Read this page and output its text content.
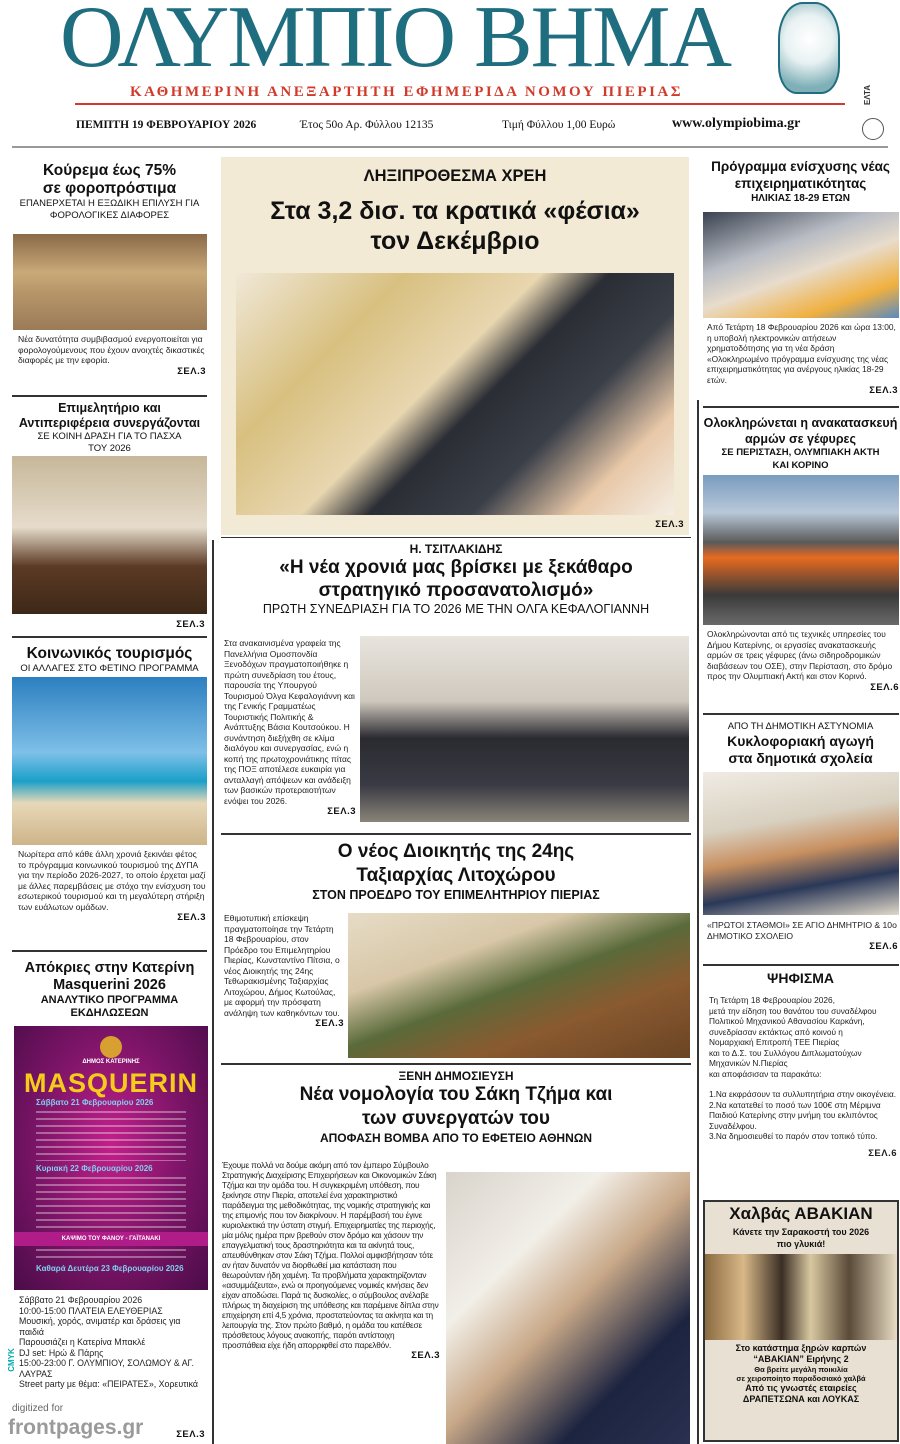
ΟΛΥΜΠΙΟ ΒΗΜΑ
ΚΑΘΗΜΕΡΙΝΗ ΑΝΕΞΑΡΤΗΤΗ ΕΦΗΜΕΡΙΔΑ ΝΟΜΟΥ ΠΙΕΡΙΑΣ	ΕΛΤΑ
ΠΕΜΠΤΗ 19 ΦΕΒΡΟΥΑΡΙΟΥ 2026	Έτος 50ο Αρ. Φύλλου 12135	Τιμή Φύλλου 1,00 Ευρώ	www.olympiobima.gr
Κούρεμα έως 75% σε φοροπρόστιμα
ΕΠΑΝΕΡΧΕΤΑΙ Η ΕΞΩΔΙΚΗ ΕΠΙΛΥΣΗ ΓΙΑ ΦΟΡΟΛΟΓΙΚΕΣ ΔΙΑΦΟΡΕΣ
Νέα δυνατότητα συμβιβασμού ενεργοποιείται για φορολογούμενους που έχουν ανοιχτές δικαστικές διαφορές με την εφορία.
ΣΕΛ.3
Επιμελητήριο και Αντιπεριφέρεια συνεργάζονται
ΣΕ ΚΟΙΝΗ ΔΡΑΣΗ ΓΙΑ ΤΟ ΠΑΣΧΑ ΤΟΥ 2026
ΣΕΛ.3
Κοινωνικός τουρισμός
ΟΙ ΑΛΛΑΓΕΣ ΣΤΟ ΦΕΤΙΝΟ ΠΡΟΓΡΑΜΜΑ
Νωρίτερα από κάθε άλλη χρονιά ξεκινάει φέτος το πρόγραμμα κοινωνικού τουρισμού της ΔΥΠΑ για την περίοδο 2026-2027, το οποίο έρχεται μαζί με άλλες παρεμβάσεις με στόχο την ενίσχυση του εσωτερικού τουρισμού και τη μεγαλύτερη στήριξη των ευάλωτων ομάδων.
ΣΕΛ.3
Απόκριες στην Κατερίνη Masquerini 2026
ΑΝΑΛΥΤΙΚΟ ΠΡΟΓΡΑΜΜΑ ΕΚΔΗΛΩΣΕΩΝ
ΔΗΜΟΣ ΚΑΤΕΡΙΝΗΣ
MASQUERIN
Σάββατο 21 Φεβρουαρίου 2026
Κυριακή 22 Φεβρουαρίου 2026
ΚΑΨΙΜΟ ΤΟΥ ΦΑΝΟΥ - ΓΑΪΤΑΝΑΚΙ
Καθαρά Δευτέρα 23 Φεβρουαρίου 2026
Σάββατο 21 Φεβρουαρίου 2026
10:00-15:00 ΠΛΑΤΕΙΑ ΕΛΕΥΘΕΡΙΑΣ
Μουσική, χορός, ανιματέρ και δράσεις για παιδιά
Παρουσιάζει η Κατερίνα Μπακλέ
DJ set: Ηρώ & Πάρης
15:00-23:00 Γ. ΟΛΥΜΠΙΟΥ, ΣΟΛΩΜΟΥ & ΑΓ. ΛΑΥΡΑΣ
Street party με θέμα: «ΠΕΙΡΑΤΕΣ», Χορευτικά
ΣΕΛ.3
CMYK
digitized for
frontpages.gr
ΛΗΞΙΠΡΟΘΕΣΜΑ ΧΡΕΗ
Στα 3,2 δισ. τα κρατικά «φέσια» τον Δεκέμβριο
ΣΕΛ.3
Η. ΤΣΙΤΛΑΚΙΔΗΣ
«Η νέα χρονιά μας βρίσκει με ξεκάθαρο στρατηγικό προσανατολισμό»
ΠΡΩΤΗ ΣΥΝΕΔΡΙΑΣΗ ΓΙΑ ΤΟ 2026 ΜΕ ΤΗΝ ΟΛΓΑ ΚΕΦΑΛΟΓΙΑΝΝΗ
Στα ανακαινισμένα γραφεία της Πανελλήνια Ομοσπονδία Ξενοδόχων πραγματοποιήθηκε η πρώτη συνεδρίαση του έτους, παρουσία της Υπουργού Τουρισμού Όλγα Κεφαλογιάννη και της Γενικής Γραμματέως Τουριστικής Πολιτικής & Ανάπτυξης Βάσια Κουτσούκου. Η συνάντηση διεξήχθη σε κλίμα διαλόγου και συνεργασίας, ενώ η κοπή της πρωτοχρονιάτικης πίτας της ΠΟΞ αποτέλεσε ευκαιρία για ανταλλαγή απόψεων και ανάδειξη των βασικών προτεραιοτήτων ενόψει του 2026.
ΣΕΛ.3
Ο νέος Διοικητής της 24ης Ταξιαρχίας Λιτοχώρου
ΣΤΟΝ ΠΡΟΕΔΡΟ ΤΟΥ ΕΠΙΜΕΛΗΤΗΡΙΟΥ ΠΙΕΡΙΑΣ
Εθιμοτυπική επίσκεψη πραγματοποίησε την Τετάρτη 18 Φεβρουαρίου, στον Πρόεδρο του Επιμελητηρίου Πιερίας, Κωνσταντίνο Πίτσια, ο νέος Διοικητής της 24ης Τεθωρακισμένης Ταξιαρχίας Λιτοχώρου, Δήμος Κωτούλας, με αφορμή την πρόσφατη ανάληψη των καθηκόντων του.
ΣΕΛ.3
ΞΕΝΗ ΔΗΜΟΣΙΕΥΣΗ
Νέα νομολογία του Σάκη Τζήμα και των συνεργατών του
ΑΠΟΦΑΣΗ ΒΟΜΒΑ ΑΠΟ ΤΟ ΕΦΕΤΕΙΟ ΑΘΗΝΩΝ
Έχουμε πολλά να δούμε ακόμη από τον έμπειρο Σύμβουλο Στρατηγικής Διαχείρισης Επιχειρήσεων και Οικονομικών Σάκη Τζήμα και την ομάδα του. Η συγκεκριμένη υπόθεση, που ξεκίνησε στην Πιερία, αποτελεί ένα χαρακτηριστικό παράδειγμα της μεθοδικότητας, της νομικής στρατηγικής και της επιμονής που τον διακρίνουν. Η παρέμβασή του έγινε κυριολεκτικά την ύστατη στιγμή. Επιχειρηματίες της περιοχής, μία μόλις ημέρα πριν βρεθούν στον δρόμο και χάσουν την επαγγελματική τους δραστηριότητα και τα ακίνητά τους, απευθύνθηκαν στον Σάκη Τζήμα. Πολλοί αμφισβήτησαν τότε αν ήταν δυνατόν να διορθωθεί μια κατάσταση που θεωρούνταν ήδη χαμένη. Τα προβλήματα χαρακτηρίζονταν «ασυμμάζευτα», ενώ οι προηγούμενες νομικές κινήσεις δεν είχαν αποδώσει. Παρά τις δυσκολίες, ο σύμβουλος ανέλαβε πλήρως τη διαχείριση της υπόθεσης και παρέμεινε δίπλα στην επιχείρηση επί 4,5 χρόνια, προστατεύοντας τα ακίνητα και τη λειτουργία της. Στον πρώτο βαθμό, η ομάδα του κατέθεσε πρόσθετους λόγους ανακοπής, παρότι αντίστοιχη προσπάθεια είχε ήδη απορριφθεί στο παρελθόν.
ΣΕΛ.3
Πρόγραμμα ενίσχυσης νέας επιχειρηματικότητας
ΗΛΙΚΙΑΣ 18-29 ΕΤΩΝ
Από Τετάρτη 18 Φεβρουαρίου 2026 και ώρα 13:00, η υποβολή ηλεκτρονικών αιτήσεων χρηματοδότησης για τη νέα δράση «Ολοκληρωμένο πρόγραμμα ενίσχυσης της νέας επιχειρηματικότητας για ανέργους ηλικίας 18-29 ετών.
ΣΕΛ.3
Ολοκληρώνεται η ανακατασκευή αρμών σε γέφυρες
ΣΕ ΠΕΡΙΣΤΑΣΗ, ΟΛΥΜΠΙΑΚΗ ΑΚΤΗ ΚΑΙ ΚΟΡΙΝΟ
Ολοκληρώνονται από τις τεχνικές υπηρεσίες του Δήμου Κατερίνης, οι εργασίες ανακατασκευής αρμών σε τρεις γέφυρες (άνω σιδηροδρομικών διαβάσεων του ΟΣΕ), στην Περίσταση, στο δρόμο προς την Ολυμπιακή Ακτή και στον Κορινό.
ΣΕΛ.6
ΑΠΟ ΤΗ ΔΗΜΟΤΙΚΗ ΑΣΤΥΝΟΜΙΑ
Κυκλοφοριακή αγωγή στα δημοτικά σχολεία
«ΠΡΩΤΟΙ ΣΤΑΘΜΟΙ» ΣΕ ΑΓΙΟ ΔΗΜΗΤΡΙΟ & 10ο ΔΗΜΟΤΙΚΟ ΣΧΟΛΕΙΟ
ΣΕΛ.6
ΨΗΦΙΣΜΑ
Τη Τετάρτη 18 Φεβρουαρίου 2026,
μετά την είδηση του θανάτου του συναδέλφου
Πολιτικού Μηχανικού Αθανασίου Καρκάνη,
συνεδρίασαν εκτάκτως από κοινού η
Νομαρχιακή Επιτροπή ΤΕΕ Πιερίας
και το Δ.Σ. του Συλλόγου Διπλωματούχων
Μηχανικών Ν.Πιερίας
και αποφάσισαν τα παρακάτω:
1.Να εκφράσουν τα συλλυπητήρια στην οικογένεια.
2.Να κατατεθεί το ποσό των 100€ στη Μέριμνα Παιδιού Κατερίνης στην μνήμη του εκλιπόντος Συναδέλφου.
3.Να δημοσιευθεί το παρόν στον τοπικό τύπο.
ΣΕΛ.6
Χαλβάς ΑΒΑΚΙΑΝ
Κάνετε την Σαρακοστή του 2026 πιο γλυκιά!
Στο κατάστημα ξηρών καρπών
“ΑΒΑΚΙΑΝ” Ειρήνης 2
Θα βρείτε μεγάλη ποικιλία
σε χειροποίητο παραδοσιακό χαλβά
Από τις γνωστές εταιρείες
ΔΡΑΠΕΤΣΩΝΑ και ΛΟΥΚΑΣ
